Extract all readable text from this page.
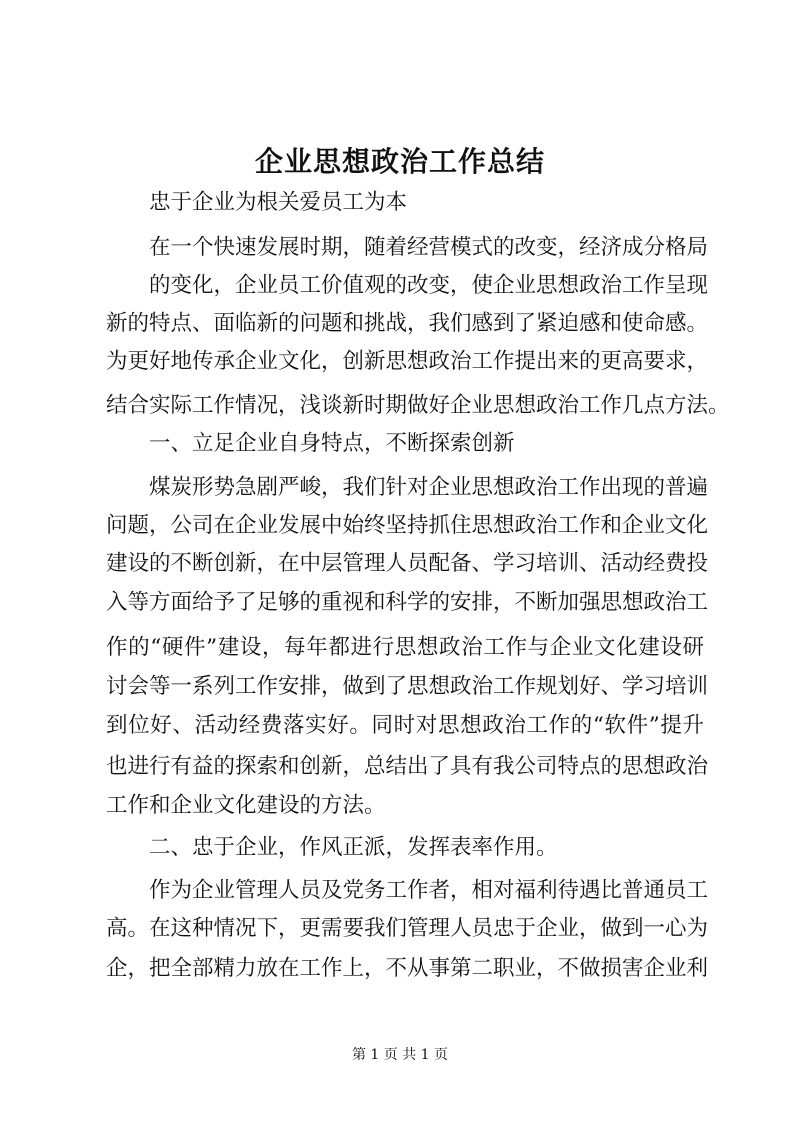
企业思想政治工作总结
忠于企业为根关爱员工为本
在一个快速发展时期，随着经营模式的改变，经济成分格局
的变化，企业员工价值观的改变，使企业思想政治工作呈现
新的特点、面临新的问题和挑战，我们感到了紧迫感和使命感。
为更好地传承企业文化，创新思想政治工作提出来的更高要求，
结合实际工作情况，浅谈新时期做好企业思想政治工作几点方法。
一、立足企业自身特点，不断探索创新
煤炭形势急剧严峻，我们针对企业思想政治工作出现的普遍
问题，公司在企业发展中始终坚持抓住思想政治工作和企业文化
建设的不断创新，在中层管理人员配备、学习培训、活动经费投
入等方面给予了足够的重视和科学的安排，不断加强思想政治工
作的“硬件”建设，每年都进行思想政治工作与企业文化建设研
讨会等一系列工作安排，做到了思想政治工作规划好、学习培训
到位好、活动经费落实好。同时对思想政治工作的“软件”提升
也进行有益的探索和创新，总结出了具有我公司特点的思想政治
工作和企业文化建设的方法。
二、忠于企业，作风正派，发挥表率作用。
作为企业管理人员及党务工作者，相对福利待遇比普通员工
高。在这种情况下，更需要我们管理人员忠于企业，做到一心为
企，把全部精力放在工作上，不从事第二职业，不做损害企业利
第 1 页 共 1 页
